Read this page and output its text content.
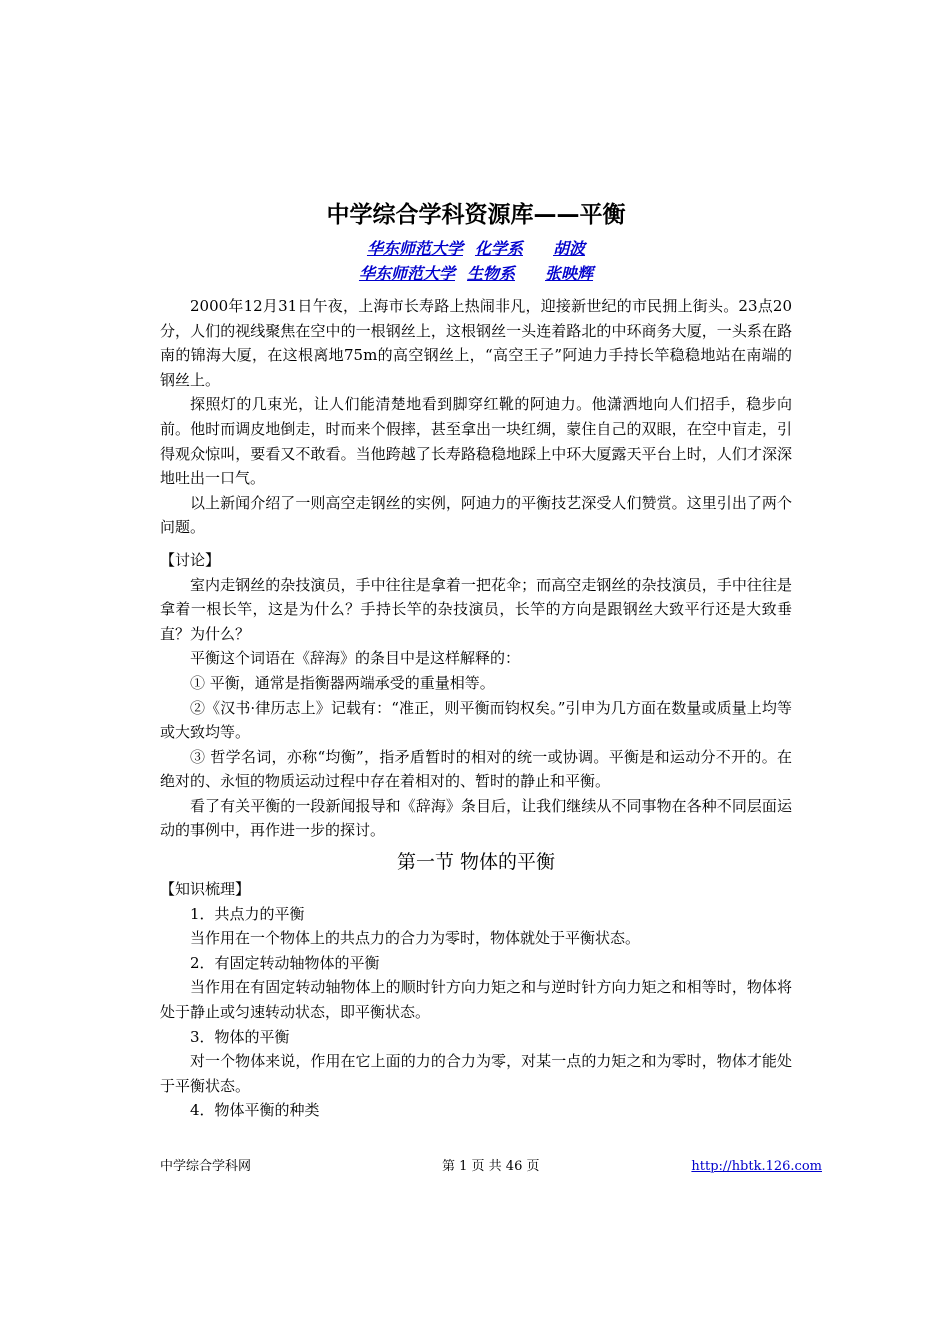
中学综合学科资源库——平衡
华东师范大学 化学系 胡波
华东师范大学 生物系 张映辉

2000年12月31日午夜，上海市长寿路上热闹非凡，迎接新世纪的市民拥上街头。23点20分，人们的视线聚焦在空中的一根钢丝上，这根钢丝一头连着路北的中环商务大厦，一头系在路南的锦海大厦，在这根离地75m的高空钢丝上，“高空王子”阿迪力手持长竿稳稳地站在南端的钢丝上。

探照灯的几束光，让人们能清楚地看到脚穿红靴的阿迪力。他潇洒地向人们招手，稳步向前。他时而调皮地倒走，时而来个假摔，甚至拿出一块红绸，蒙住自己的双眼，在空中盲走，引得观众惊叫，要看又不敢看。当他跨越了长寿路稳稳地踩上中环大厦露天平台上时，人们才深深地吐出一口气。

以上新闻介绍了一则高空走钢丝的实例，阿迪力的平衡技艺深受人们赞赏。这里引出了两个问题。

【讨论】

室内走钢丝的杂技演员，手中往往是拿着一把花伞；而高空走钢丝的杂技演员，手中往往是拿着一根长竿，这是为什么？手持长竿的杂技演员，长竿的方向是跟钢丝大致平行还是大致垂直？为什么？

平衡这个词语在《辞海》的条目中是这样解释的：

① 平衡，通常是指衡器两端承受的重量相等。

②《汉书·律历志上》记载有：“准正，则平衡而钧权矣。”引申为几方面在数量或质量上均等或大致均等。

③ 哲学名词，亦称“均衡”，指矛盾暂时的相对的统一或协调。平衡是和运动分不开的。在绝对的、永恒的物质运动过程中存在着相对的、暂时的静止和平衡。

看了有关平衡的一段新闻报导和《辞海》条目后，让我们继续从不同事物在各种不同层面运动的事例中，再作进一步的探讨。

第一节 物体的平衡

【知识梳理】

1．共点力的平衡

当作用在一个物体上的共点力的合力为零时，物体就处于平衡状态。

2．有固定转动轴物体的平衡

当作用在有固定转动轴物体上的顺时针方向力矩之和与逆时针方向力矩之和相等时，物体将处于静止或匀速转动状态，即平衡状态。

3．物体的平衡

对一个物体来说，作用在它上面的力的合力为零，对某一点的力矩之和为零时，物体才能处于平衡状态。

4．物体平衡的种类

中学综合学科网	第 1 页 共 46 页	http://hbtk.126.com
